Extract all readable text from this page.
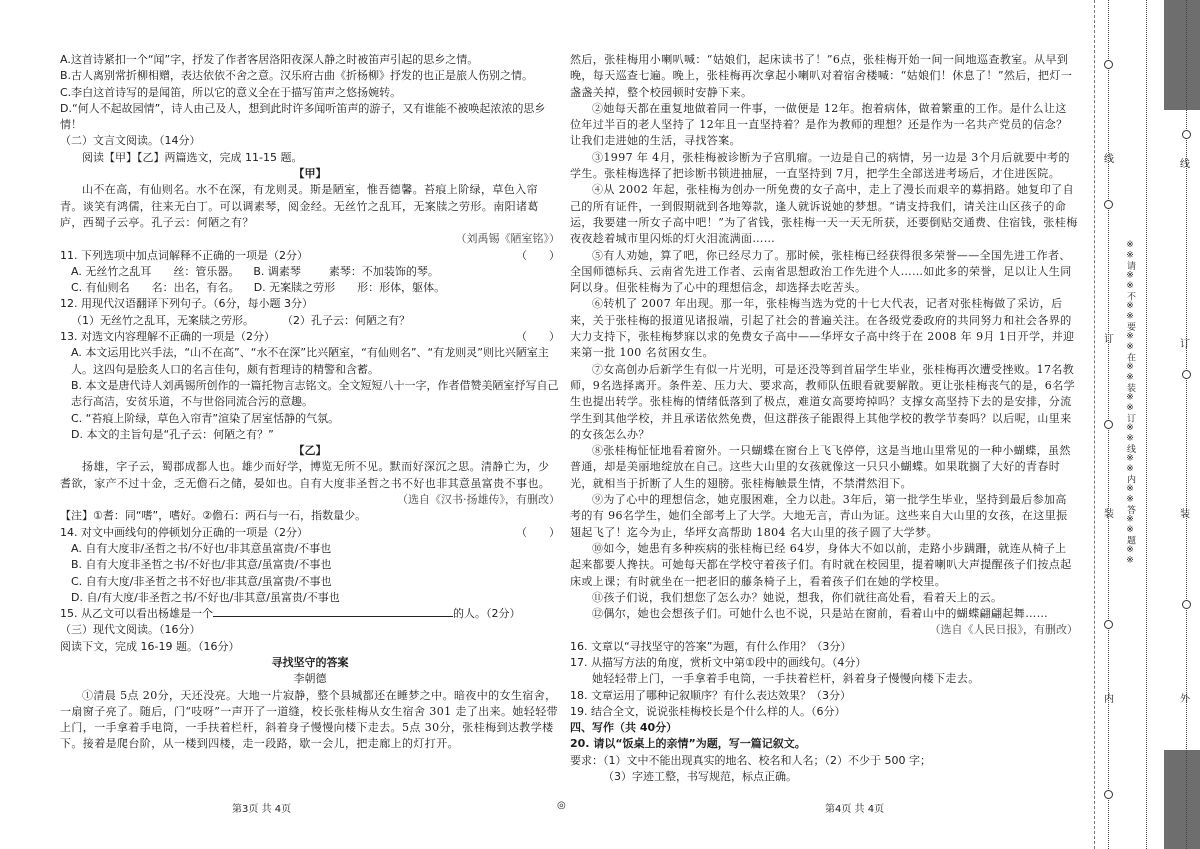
A.这首诗紧扣一个“闻”字，抒发了作者客居洛阳夜深人静之时被笛声引起的思乡之情。

B.古人离别常折柳相赠，表达依依不舍之意。汉乐府古曲《折杨柳》抒发的也正是旅人伤别之情。

C.李白这首诗写的是闻笛，所以它的意义全在于描写笛声之悠扬婉转。

D.“何人不起故园情”，诗人由己及人，想到此时许多闻听笛声的游子，又有谁能不被唤起浓浓的思乡情！

（二）文言文阅读。（14分）

阅读【甲】【乙】两篇选文，完成 11-15 题。

【甲】

山不在高，有仙则名。水不在深，有龙则灵。斯是陋室，惟吾德馨。苔痕上阶绿，草色入帘青。谈笑有鸿儒，往来无白丁。可以调素琴，阅金经。无丝竹之乱耳，无案牍之劳形。南阳诸葛庐，西蜀子云亭。孔子云：何陋之有？

（刘禹锡《陋室铭》）

11. 下列选项中加点词解释不正确的一项是（2分）	（　　）

A. 无丝竹之乱耳　　丝：管乐器。 B. 调素琴	素琴：不加装饰的琴。

C. 有仙则名　　名：出名，有名。 D. 无案牍之劳形　　形：形体，躯体。

12. 用现代汉语翻译下列句子。（6分，每小题 3分）

（1）无丝竹之乱耳，无案牍之劳形。	（2）孔子云：何陋之有？

13. 对选文内容理解不正确的一项是（2分）	（　　）

A. 本文运用比兴手法，“山不在高”、“水不在深”比兴陋室，“有仙则名”、“有龙则灵”则比兴陋室主人。这四句是脍炙人口的名言佳句，颇有哲理诗的精警和含蓄。

B. 本文是唐代诗人刘禹锡所创作的一篇托物言志铭文。全文短短八十一字，作者借赞美陋室抒写自己志行高洁，安贫乐道，不与世俗同流合污的意趣。

C. “苔痕上阶绿，草色入帘青”渲染了居室恬静的气氛。

D. 本文的主旨句是“孔子云：何陋之有？”

【乙】

扬雄，字子云，蜀郡成都人也。雄少而好学，博览无所不见。默而好深沉之思。清静亡为，少耆欲，家产不过十金，乏无儋石之储，晏如也。自有大度非圣哲之书不好也非其意虽富贵不事也。

（选自《汉书·扬雄传》，有删改）

【注】①耆：同“嗜”，嗜好。②儋石：两石与一石，指数量少。

14. 对文中画线句的停顿划分正确的一项是（2分）	（　　）

A. 自有大度非/圣哲之书/不好也/非其意虽富贵/不事也

B. 自有大度非圣哲之书/不好也/非其意/虽富贵/不事也

C. 自有大度/非圣哲之书不好也/非其意/虽富贵/不事也

D. 自/有大度/非圣哲之书/不好也/非其意/虽富贵/不事也

15. 从乙文可以看出杨雄是一个	的人。（2分）

（三）现代文阅读。（16分）

阅读下文，完成 16-19 题。（16分）

寻找坚守的答案

李朝德

①清晨 5点 20分，天还没亮。大地一片寂静，整个县城都还在睡梦之中。暗夜中的女生宿舍，一扇窗子亮了。随后，门“吱呀”一声开了一道缝，校长张桂梅从女生宿舍 301 走了出来。她轻轻带上门，一手拿着手电筒，一手扶着栏杆，斜着身子慢慢向楼下走去。5点 30分，张桂梅到达教学楼下。接着是爬台阶，从一楼到四楼，走一段路，歇一会儿，把走廊上的灯打开。

第3页 共 4页	◎

然后，张桂梅用小喇叭喊：“姑娘们，起床读书了！”6点，张桂梅开始一间一间地巡查教室。从早到晚，每天巡查七遍。晚上，张桂梅再次拿起小喇叭对着宿舍楼喊：“姑娘们！休息了！”然后，把灯一盏盏关掉，整个校园顿时安静下来。

②她每天都在重复地做着同一件事，一做便是 12年。抱着病体，做着繁重的工作。是什么让这位年过半百的老人坚持了 12年且一直坚持着？是作为教师的理想？还是作为一名共产党员的信念？让我们走进她的生活，寻找答案。

③1997 年 4月，张桂梅被诊断为子宫肌瘤。一边是自己的病情，另一边是 3个月后就要中考的学生。张桂梅选择了把诊断书锁进抽屉，一直坚持到 7月，把学生全部送进考场后，才住进医院。

④从 2002 年起，张桂梅为创办一所免费的女子高中，走上了漫长而艰辛的募捐路。她复印了自己的所有证件，一到假期就到各地筹款，逢人就诉说她的梦想。“请支持我们，请关注山区孩子的命运，我要建一所女子高中吧！”为了省钱，张桂梅一天一天无所获，还要倒贴交通费、住宿钱，张桂梅夜夜趁着城市里闪烁的灯火泪流满面……

⑤有人劝她，算了吧，你已经尽力了。那时候，张桂梅已经获得很多荣誉——全国先进工作者、全国师德标兵、云南省先进工作者、云南省思想政治工作先进个人……如此多的荣誉，足以让人生同阿以身。但张桂梅为了心中的理想信念，却选择去吃苦头。

⑥转机了 2007 年出现。那一年，张桂梅当选为党的十七大代表，记者对张桂梅做了采访，后来，关于张桂梅的报道见诸报端，引起了社会的普遍关注。在各级党委政府的共同努力和社会各界的大力支持下，张桂梅梦寐以求的免费女子高中——华坪女子高中终于在 2008 年 9月 1日开学，并迎来第一批 100 名贫困女生。

⑦女高创办后新学生有似一片光明，可是还没等到首届学生毕业，张桂梅再次遭受挫败。17名教师，9名选择离开。条件差、压力大、要求高，教师队伍眼看就要解散。更让张桂梅丧气的是，6名学生也提出转学。张桂梅的情绪低落到了极点，难道女高要垮掉吗？支撑女高坚持下去的是安排，分流学生到其他学校，并且承诺依然免费，但这群孩子能跟得上其他学校的教学节奏吗？以后呢，山里来的女孩怎么办？

⑧张桂梅怔怔地看着窗外。一只蝴蝶在窗台上飞飞停停，这是当地山里常见的一种小蝴蝶，虽然普通，却是美丽地绽放在自己。这些大山里的女孩就像这一只只小蝴蝶。如果耽搁了大好的青春时光，就相当于折断了人生的翅膀。张桂梅触景生情，不禁潸然泪下。

⑨为了心中的理想信念，她克服困难，全力以赴。3年后，第一批学生毕业，坚持到最后参加高考的有 96名学生，她们全部考上了大学。大地无言，青山为证。这些来自大山里的女孩，在这里振翅起飞了！迄今为止，华坪女高帮助 1804 名大山里的孩子圆了大学梦。

⑩如今，她患有多种疾病的张桂梅已经 64岁，身体大不如以前，走路小步蹒跚，就连从椅子上起来都要人搀扶。可她每天都在学校守着孩子们。有时就在校园里，提着喇叭大声提醒孩子们按点起床或上课；有时就坐在一把老旧的藤条椅子上，看着孩子们在她的学校里。

⑪孩子们说，我们想您了怎么办？她说，想我，你们就往高处看，看着天上的云。

⑫偶尔，她也会想孩子们。可她什么也不说，只是站在窗前，看着山中的蝴蝶翩翩起舞……

（选自《人民日报》，有删改）

16. 文章以“寻找坚守的答案”为题，有什么作用？（3分）

17. 从描写方法的角度，赏析文中第①段中的画线句。（4分）

她轻轻带上门，一手拿着手电筒，一手扶着栏杆，斜着身子慢慢向楼下走去。

18. 文章运用了哪种记叙顺序？有什么表达效果？（3分）

19. 结合全文，说说张桂梅校长是个什么样的人。（6分）

四、写作（共 40分）

20. 请以“饭桌上的亲情”为题，写一篇记叙文。

要求：（1）文中不能出现真实的地名、校名和人名；（2）不少于 500 字；

（3）字迹工整，书写规范，标点正确。

第4页 共 4页
※※请※※不※※要※※在※※装※※订※※线※※内※※答※※题※※
线
订
装
内
线
订
装
外
